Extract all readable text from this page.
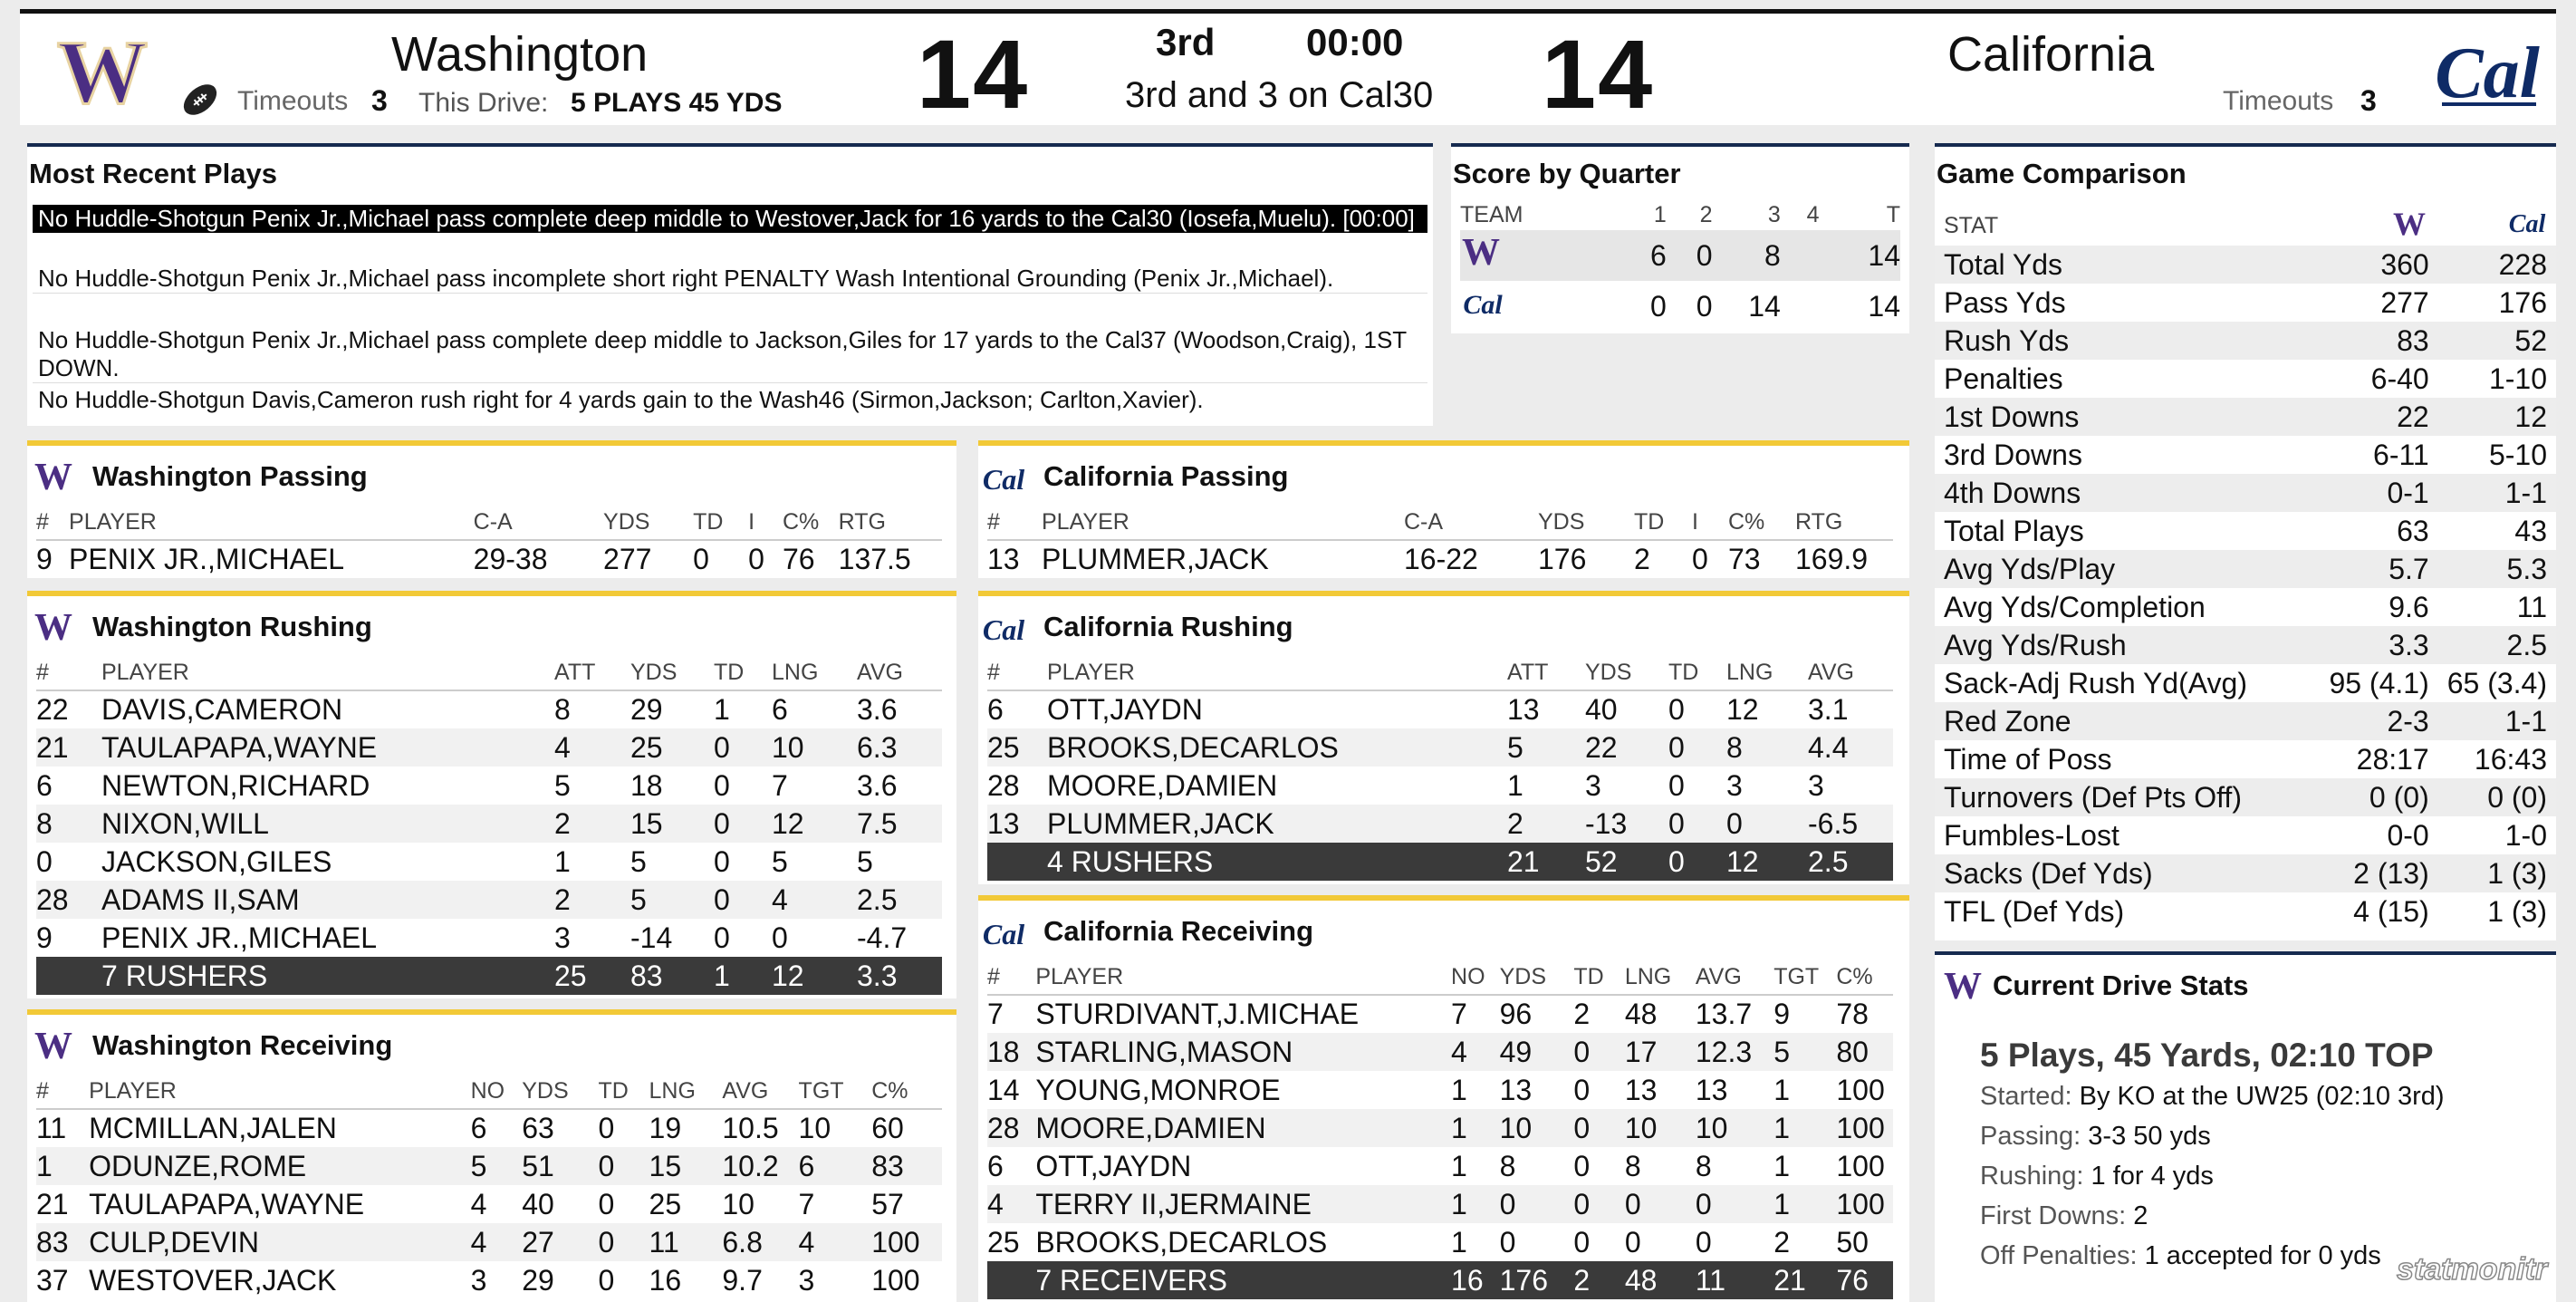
W	Washington
Timeouts 3 This Drive: 5 PLAYS 45 YDS 14	3rd 00:00
3rd and 3 on Cal30 14	California
Timeouts 3 Cal
Most Recent Plays
No Huddle-Shotgun Penix Jr.,Michael pass complete deep middle to Westover,Jack for 16 yards to the Cal30 (Iosefa,Muelu). [00:00]
No Huddle-Shotgun Penix Jr.,Michael pass incomplete short right PENALTY Wash Intentional Grounding (Penix Jr.,Michael).
No Huddle-Shotgun Penix Jr.,Michael pass complete deep middle to Jackson,Giles for 17 yards to the Cal37 (Woodson,Craig), 1ST DOWN.
No Huddle-Shotgun Davis,Cameron rush right for 4 yards gain to the Wash46 (Sirmon,Jackson; Carlton,Xavier).
Score by Quarter
TEAM	1	2	3	4	T

W	6	0	8		14

Cal	0	0	14		14
Game Comparison
STAT	W	Cal

Total Yds	360	228
Pass Yds	277	176
Rush Yds	83	52
Penalties	6-40	1-10
1st Downs	22	12
3rd Downs	6-11	5-10
4th Downs	0-1	1-1
Total Plays	63	43
Avg Yds/Play	5.7	5.3
Avg Yds/Completion	9.6	11
Avg Yds/Rush	3.3	2.5
Sack-Adj Rush Yd(Avg)	95 (4.1)	65 (3.4)
Red Zone	2-3	1-1
Time of Poss	28:17	16:43
Turnovers (Def Pts Off)	0 (0)	0 (0)
Fumbles-Lost	0-0	1-0
Sacks (Def Yds)	2 (13)	1 (3)
TFL (Def Yds)	4 (15)	1 (3)
W Washington Passing
#	PLAYER	C-A	YDS	TD	I	C%	RTG
9	PENIX JR.,MICHAEL	29-38	277	0	0	76	137.5
Cal California Passing
#	PLAYER	C-A	YDS	TD	I	C%	RTG
13	PLUMMER,JACK	16-22	176	2	0	73	169.9
W Washington Rushing
#	PLAYER	ATT	YDS	TD	LNG	AVG
22	DAVIS,CAMERON	8	29	1	6	3.6
21	TAULAPAPA,WAYNE	4	25	0	10	6.3
6	NEWTON,RICHARD	5	18	0	7	3.6
8	NIXON,WILL	2	15	0	12	7.5
0	JACKSON,GILES	1	5	0	5	5
28	ADAMS II,SAM	2	5	0	4	2.5
9	PENIX JR.,MICHAEL	3	-14	0	0	-4.7
	7 RUSHERS	25	83	1	12	3.3
Cal California Rushing
#	PLAYER	ATT	YDS	TD	LNG	AVG
6	OTT,JAYDN	13	40	0	12	3.1
25	BROOKS,DECARLOS	5	22	0	8	4.4
28	MOORE,DAMIEN	1	3	0	3	3
13	PLUMMER,JACK	2	-13	0	0	-6.5
	4 RUSHERS	21	52	0	12	2.5
W Washington Receiving
#	PLAYER	NO	YDS	TD	LNG	AVG	TGT	C%
11	MCMILLAN,JALEN	6	63	0	19	10.5	10	60
1	ODUNZE,ROME	5	51	0	15	10.2	6	83
21	TAULAPAPA,WAYNE	4	40	0	25	10	7	57
83	CULP,DEVIN	4	27	0	11	6.8	4	100
37	WESTOVER,JACK	3	29	0	16	9.7	3	100
Cal California Receiving
#	PLAYER	NO	YDS	TD	LNG	AVG	TGT	C%
7	STURDIVANT,J.MICHAE	7	96	2	48	13.7	9	78
18	STARLING,MASON	4	49	0	17	12.3	5	80
14	YOUNG,MONROE	1	13	0	13	13	1	100
28	MOORE,DAMIEN	1	10	0	10	10	1	100
6	OTT,JAYDN	1	8	0	8	8	1	100
4	TERRY II,JERMAINE	1	0	0	0	0	1	100
25	BROOKS,DECARLOS	1	0	0	0	0	2	50
	7 RECEIVERS	16	176	2	48	11	21	76
W Current Drive Stats
5 Plays, 45 Yards, 02:10 TOP
Started: By KO at the UW25 (02:10 3rd)
Passing: 3-3 50 yds
Rushing: 1 for 4 yds
First Downs: 2
Off Penalties: 1 accepted for 0 yds statmonitr
